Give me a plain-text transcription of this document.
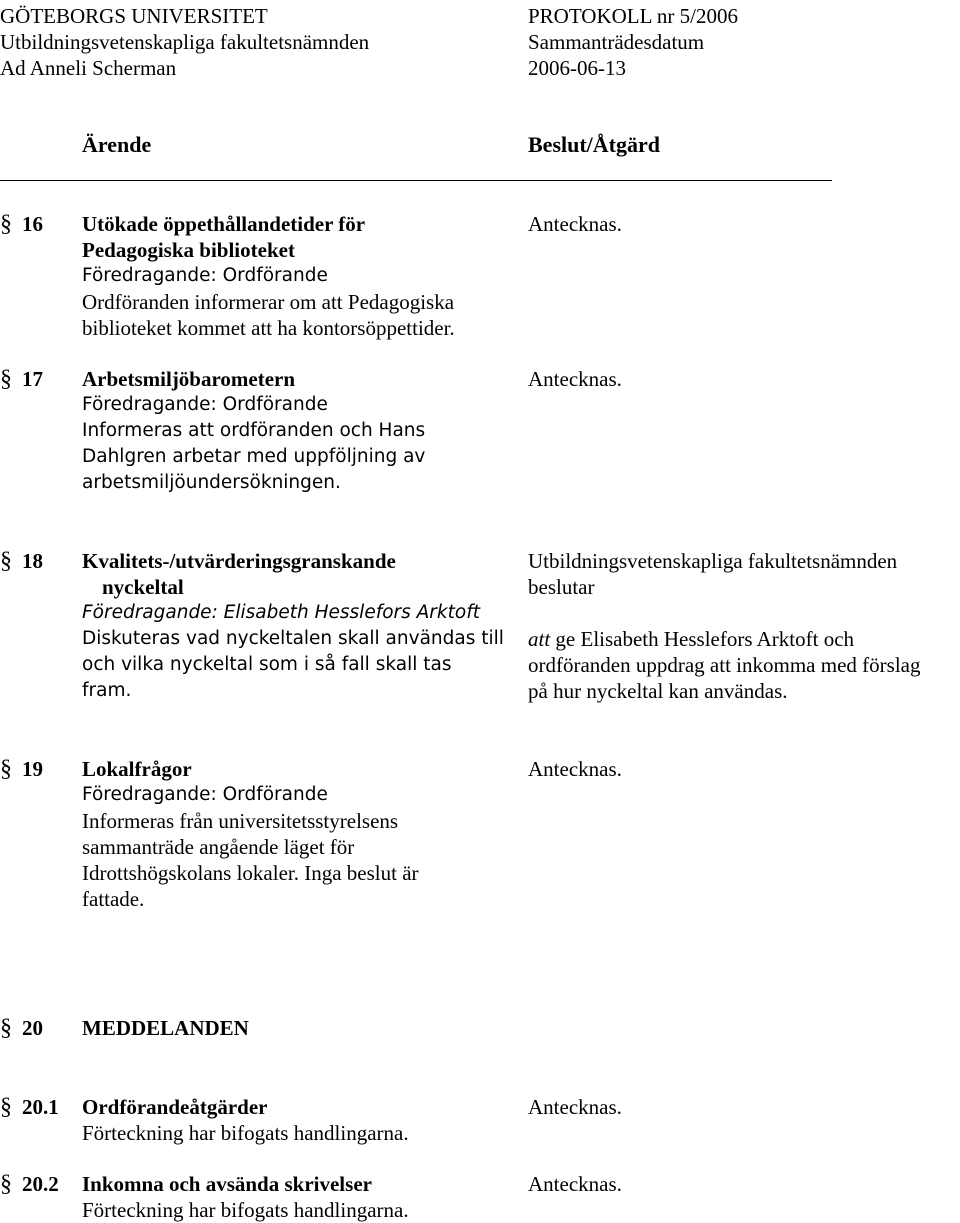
GÖTEBORGS UNIVERSITET
Utbildningsvetenskapliga fakultetsnämnden
Ad Anneli Scherman
PROTOKOLL nr 5/2006
Sammanträdesdatum
2006-06-13
Ärende	Beslut/Åtgärd
§ 16 Utökade öppethållandetider för
Pedagogiska biblioteket
Föredragande: Ordförande
Ordföranden informerar om att Pedagogiska
biblioteket kommet att ha kontorsöppettider.
Antecknas.
§ 17 Arbetsmiljöbarometern
Föredragande: Ordförande
Informeras att ordföranden och Hans
Dahlgren arbetar med uppföljning av
arbetsmiljöundersökningen.
Antecknas.
§ 18 Kvalitets-/utvärderingsgranskande
nyckeltal
Föredragande: Elisabeth Hesslefors Arktoft
Diskuteras vad nyckeltalen skall användas till
och vilka nyckeltal som i så fall skall tas
fram.
Utbildningsvetenskapliga fakultetsnämnden
beslutar
att ge Elisabeth Hesslefors Arktoft och
ordföranden uppdrag att inkomma med förslag
på hur nyckeltal kan användas.
§ 19 Lokalfrågor
Föredragande: Ordförande
Informeras från universitetsstyrelsens
sammanträde angående läget för
Idrottshögskolans lokaler. Inga beslut är
fattade.
Antecknas.
§ 20 MEDDELANDEN
§ 20.1 Ordförandeåtgärder
Förteckning har bifogats handlingarna.
Antecknas.
§ 20.2 Inkomna och avsända skrivelser
Förteckning har bifogats handlingarna.
Antecknas.
